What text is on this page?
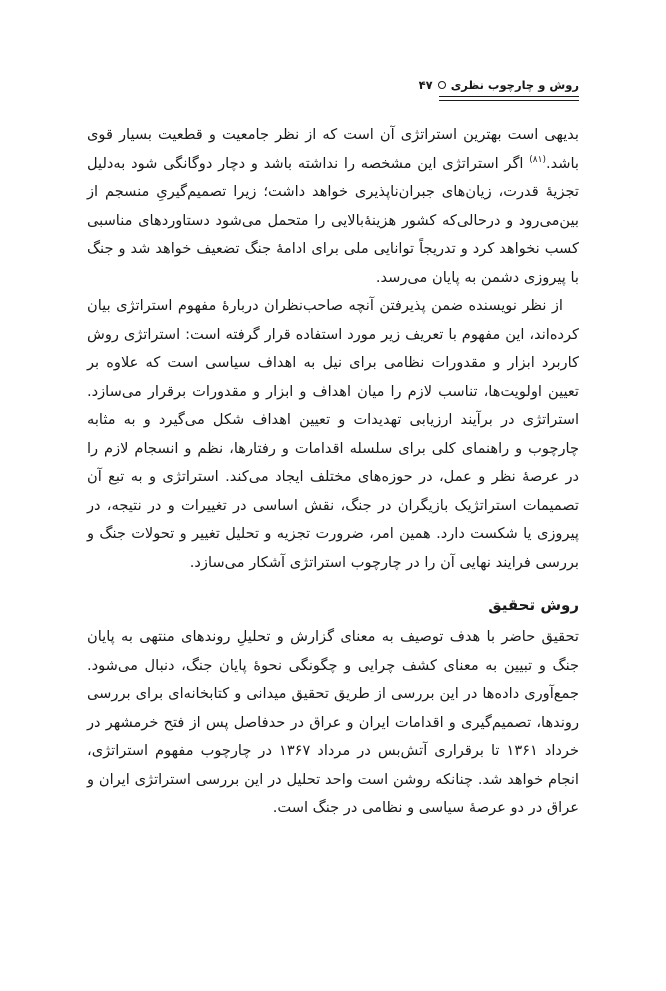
روش و چارچوب نظری
۴۷

بدیهی است بهترین استراتژی آن است که از نظر جامعیت و قطعیت بسیار قوی باشد.$^{(۸۱)}$ اگر استراتژی این مشخصه را نداشته باشد و دچار دوگانگی شود به‌دلیل تجزیهٔ قدرت، زیان‌های جبران‌ناپذیری خواهد داشت؛ زیرا تصمیم‌گیریِ منسجم از بین‌می‌رود و درحالی‌که کشور هزینهٔ‌بالایی را متحمل می‌شود دستاوردهای مناسبی کسب نخواهد کرد و تدریجاً توانایی ملی برای ادامهٔ جنگ تضعیف خواهد شد و جنگ با پیروزی دشمن به پایان می‌رسد.

از نظر نویسنده ضمن پذیرفتن آنچه صاحب‌نظران دربارهٔ مفهوم استراتژی بیان کرده‌اند، این مفهوم با تعریف زیر مورد استفاده قرار گرفته است: استراتژی روش کاربرد ابزار و مقدورات نظامی برای نیل به اهداف سیاسی است که علاوه بر تعیین اولویت‌ها، تناسب لازم را میان اهداف و ابزار و مقدورات برقرار می‌سازد. استراتژی در برآیند ارزیابی تهدیدات و تعیین اهداف شکل می‌گیرد و به مثابه چارچوب و راهنمای کلی برای سلسله اقدامات و رفتارها، نظم و انسجام لازم را در عرصهٔ نظر و عمل، در حوزه‌های مختلف ایجاد می‌کند. استراتژی و به تبع آن تصمیمات استراتژیک بازیگران در جنگ، نقش اساسی در تغییرات و در نتیجه، در پیروزی یا شکست دارد. همین امر، ضرورت تجزیه و تحلیل تغییر و تحولات جنگ و بررسی فرایند نهایی آن را در چارچوب استراتژی آشکار می‌سازد.

روش تحقیق

تحقیق حاضر با هدف توصیف به معنای گزارش و تحلیلِ روندهای منتهی به پایان جنگ و تبیین به معنای کشف چرایی و چگونگی نحوهٔ پایان جنگ، دنبال می‌شود. جمع‌آوری داده‌ها در این بررسی از طریق تحقیق میدانی و کتابخانه‌ای برای بررسی روندها، تصمیم‌گیری و اقدامات ایران و عراق در حدفاصل پس از فتح خرمشهر در خرداد ۱۳۶۱ تا برقراری آتش‌بس در مرداد ۱۳۶۷ در چارچوب مفهوم استراتژی، انجام خواهد شد. چنانکه روشن است واحد تحلیل در این بررسی استراتژی ایران و عراق در دو عرصهٔ سیاسی و نظامی در جنگ است.
